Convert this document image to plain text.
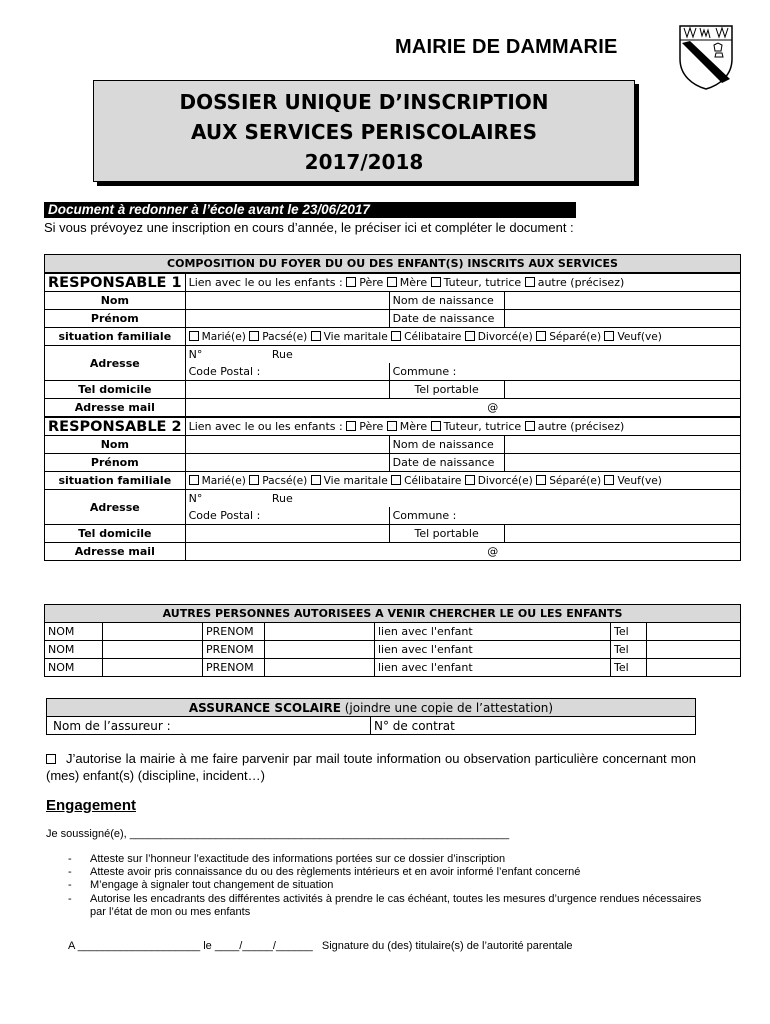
MAIRIE DE DAMMARIE
DOSSIER UNIQUE D’INSCRIPTION
AUX SERVICES PERISCOLAIRES
2017/2018
Document à redonner à l’école avant le 23/06/2017
Si vous prévoyez une inscription en cours d’année, le préciser ici et compléter le document :
COMPOSITION DU FOYER DU OU DES ENFANT(S) INSCRITS AUX SERVICES			
RESPONSABLE 1	Lien avec le ou les enfants : Père Mère Tuteur, tutrice autre (précisez)		
Nom		Nom de naissance	
Prénom		Date de naissance	
situation familiale	Marié(e) Pacsé(e) Vie maritale Célibataire Divorcé(e) Séparé(e) Veuf(ve)		
Adresse	N° Rue		
	Code Postal :	Commune :	
Tel domicile		Tel portable	
Adresse mail	@		
RESPONSABLE 2	Lien avec le ou les enfants : Père Mère Tuteur, tutrice autre (précisez)		
Nom		Nom de naissance	
Prénom		Date de naissance	
situation familiale	Marié(e) Pacsé(e) Vie maritale Célibataire Divorcé(e) Séparé(e) Veuf(ve)		
Adresse	N° Rue		
	Code Postal :	Commune :	
Tel domicile		Tel portable	
Adresse mail	@		
AUTRES PERSONNES AUTORISEES A VENIR CHERCHER LE OU LES ENFANTS						
NOM		PRENOM		lien avec l'enfant	Tel	
NOM		PRENOM		lien avec l'enfant	Tel	
NOM		PRENOM		lien avec l'enfant	Tel	
ASSURANCE SCOLAIRE (joindre une copie de l’attestation)
Nom de l’assureur :	N° de contrat
J’autorise la mairie à me faire parvenir par mail toute information ou observation particulière concernant mon (mes) enfant(s) (discipline, incident…)
Engagement
Je soussigné(e), ______________________________________________________________
- Atteste sur l’honneur l’exactitude des informations portées sur ce dossier d’inscription
- Atteste avoir pris connaissance du ou des règlements intérieurs et en avoir informé l’enfant concerné
- M’engage à signaler tout changement de situation
- Autorise les encadrants des différentes activités à prendre le cas échéant, toutes les mesures d’urgence rendues nécessaires par l’état de mon ou mes enfants
A ____________________ le ____/_____/______   Signature du (des) titulaire(s) de l’autorité parentale
